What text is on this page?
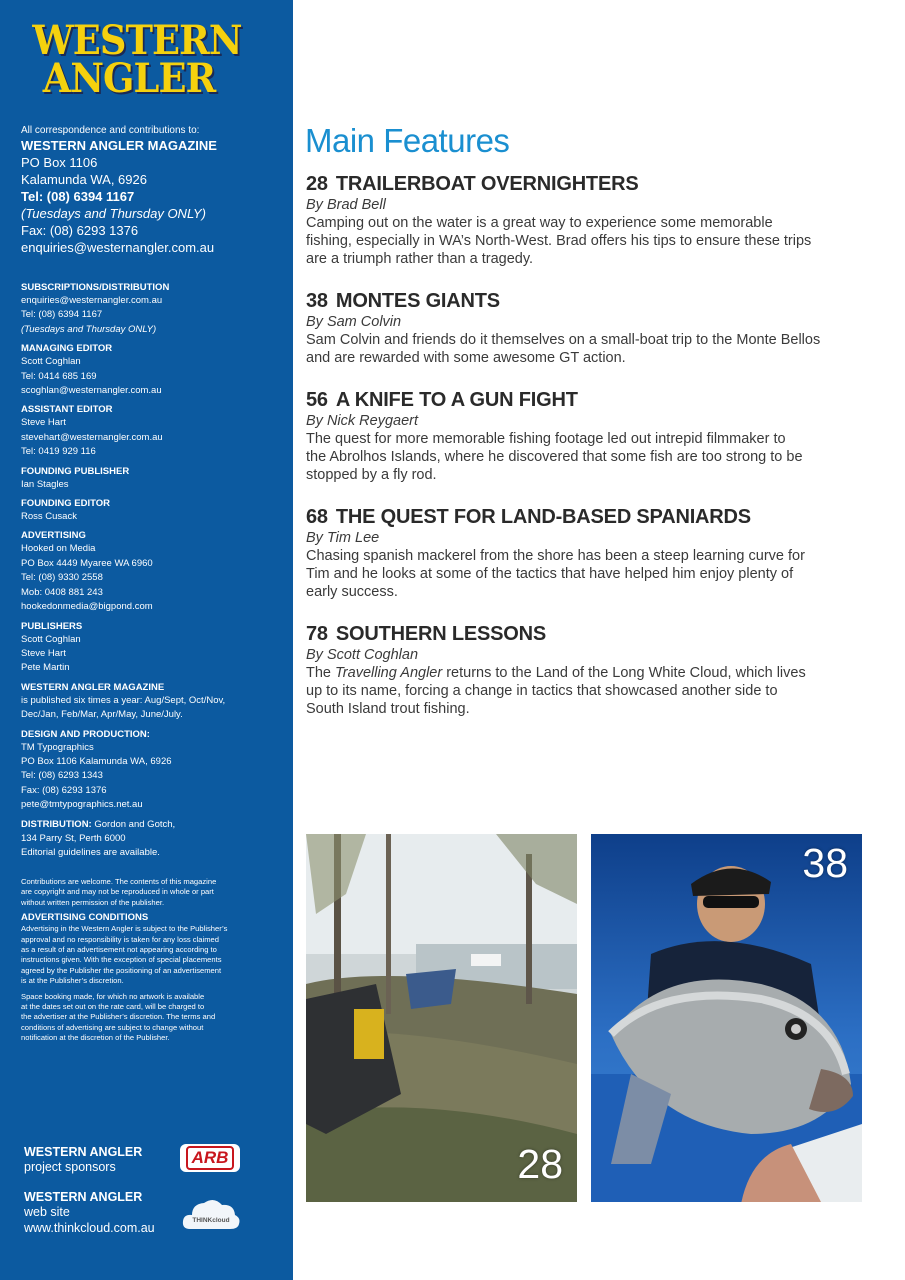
WESTERN
ANGLER
All correspondence and contributions to:
WESTERN ANGLER MAGAZINE
PO Box 1106
Kalamunda WA, 6926
Tel: (08) 6394 1167
(Tuesdays and Thursday ONLY)
Fax: (08) 6293 1376
enquiries@westernangler.com.au
SUBSCRIPTIONS/DISTRIBUTION
enquiries@westernangler.com.au
Tel: (08) 6394 1167
(Tuesdays and Thursday ONLY)
MANAGING EDITOR
Scott Coghlan
Tel: 0414 685 169
scoghlan@westernangler.com.au
ASSISTANT EDITOR
Steve Hart
stevehart@westernangler.com.au
Tel: 0419 929 116
FOUNDING PUBLISHER
Ian Stagles
FOUNDING EDITOR
Ross Cusack
ADVERTISING
Hooked on Media
PO Box 4449 Myaree WA 6960
Tel: (08) 9330 2558
Mob: 0408 881 243
hookedonmedia@bigpond.com
PUBLISHERS
Scott Coghlan
Steve Hart
Pete Martin
WESTERN ANGLER MAGAZINE
is published six times a year: Aug/Sept, Oct/Nov,
Dec/Jan, Feb/Mar, Apr/May, June/July.
DESIGN AND PRODUCTION:
TM Typographics
PO Box 1106 Kalamunda WA, 6926
Tel: (08) 6293 1343
Fax: (08) 6293 1376
pete@tmtypographics.net.au
DISTRIBUTION: Gordon and Gotch,
134 Parry St, Perth 6000
Editorial guidelines are available.
Contributions are welcome. The contents of this magazine
are copyright and may not be reproduced in whole or part
without written permission of the publisher.
ADVERTISING CONDITIONS
Advertising in the Western Angler is subject to the Publisher’s
approval and no responsibility is taken for any loss claimed
as a result of an advertisement not appearing according to
instructions given. With the exception of special placements
agreed by the Publisher the positioning of an advertisement
is at the Publisher’s discretion.
Space booking made, for which no artwork is available
at the dates set out on the rate card, will be charged to
the advertiser at the Publisher’s discretion. The terms and
conditions of advertising are subject to change without
notification at the discretion of the Publisher.
WESTERN ANGLER
project sponsors	ARB
WESTERN ANGLER
web site
www.thinkcloud.com.au	THINKcloud
Main Features
28 TRAILERBOAT OVERNIGHTERS
By Brad Bell
Camping out on the water is a great way to experience some memorable
fishing, especially in WA’s North-West. Brad offers his tips to ensure these trips
are a triumph rather than a tragedy.
38 MONTES GIANTS
By Sam Colvin
Sam Colvin and friends do it themselves on a small-boat trip to the Monte Bellos
and are rewarded with some awesome GT action.
56 A KNIFE TO A GUN FIGHT
By Nick Reygaert
The quest for more memorable fishing footage led out intrepid filmmaker to
the Abrolhos Islands, where he discovered that some fish are too strong to be
stopped by a fly rod.
68 THE QUEST FOR LAND-BASED SPANIARDS
By Tim Lee
Chasing spanish mackerel from the shore has been a steep learning curve for
Tim and he looks at some of the tactics that have helped him enjoy plenty of
early success.
78 SOUTHERN LESSONS
By Scott Coghlan
The Travelling Angler returns to the Land of the Long White Cloud, which lives
up to its name, forcing a change in tactics that showcased another side to
South Island trout fishing.
28
38
